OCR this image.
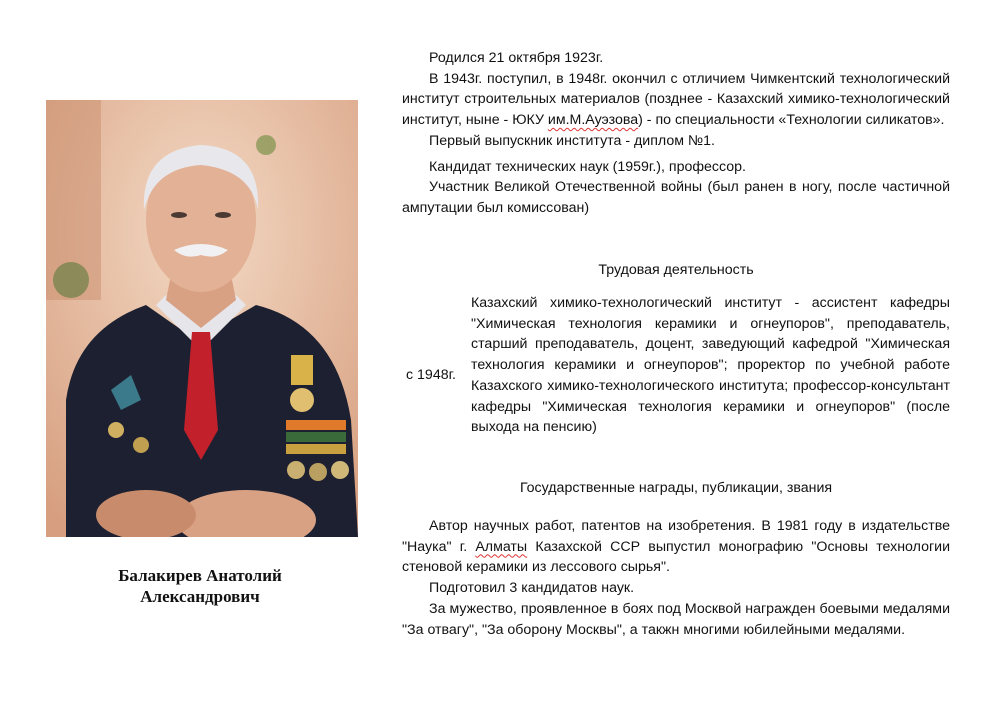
Балакирев Анатолий
Александрович

Родился 21 октября 1923г.

В 1943г. поступил, в 1948г. окончил с отличием Чимкентский технологический институт строительных материалов (позднее - Казахский химико-технологический институт, ныне - ЮКУ им.М.Ауэзова) - по специальности «Технологии силикатов».

Первый выпускник института - диплом №1.

Кандидат технических наук (1959г.), профессор.

Участник Великой Отечественной войны (был ранен в ногу, после частичной ампутации был комиссован)

Трудовая деятельность

с 1948г.
Казахский химико-технологический институт - ассистент кафедры "Химическая технология керамики и огнеупоров", преподаватель, старший преподаватель, доцент, заведующий кафедрой "Химическая технология керамики и огнеупоров"; проректор по учебной работе Казахского химико-технологического института; профессор-консультант кафедры "Химическая технология керамики и огнеупоров" (после выхода на пенсию)

Государственные награды, публикации, звания

Автор научных работ, патентов на изобретения. В 1981 году в издательстве "Наука" г. Алматы Казахской ССР выпустил монографию "Основы технологии стеновой керамики из лессового сырья".

Подготовил 3 кандидатов наук.

За мужество, проявленное в боях под Москвой награжден боевыми медалями "За отвагу", "За оборону Москвы", а такжн многими юбилейными медалями.
